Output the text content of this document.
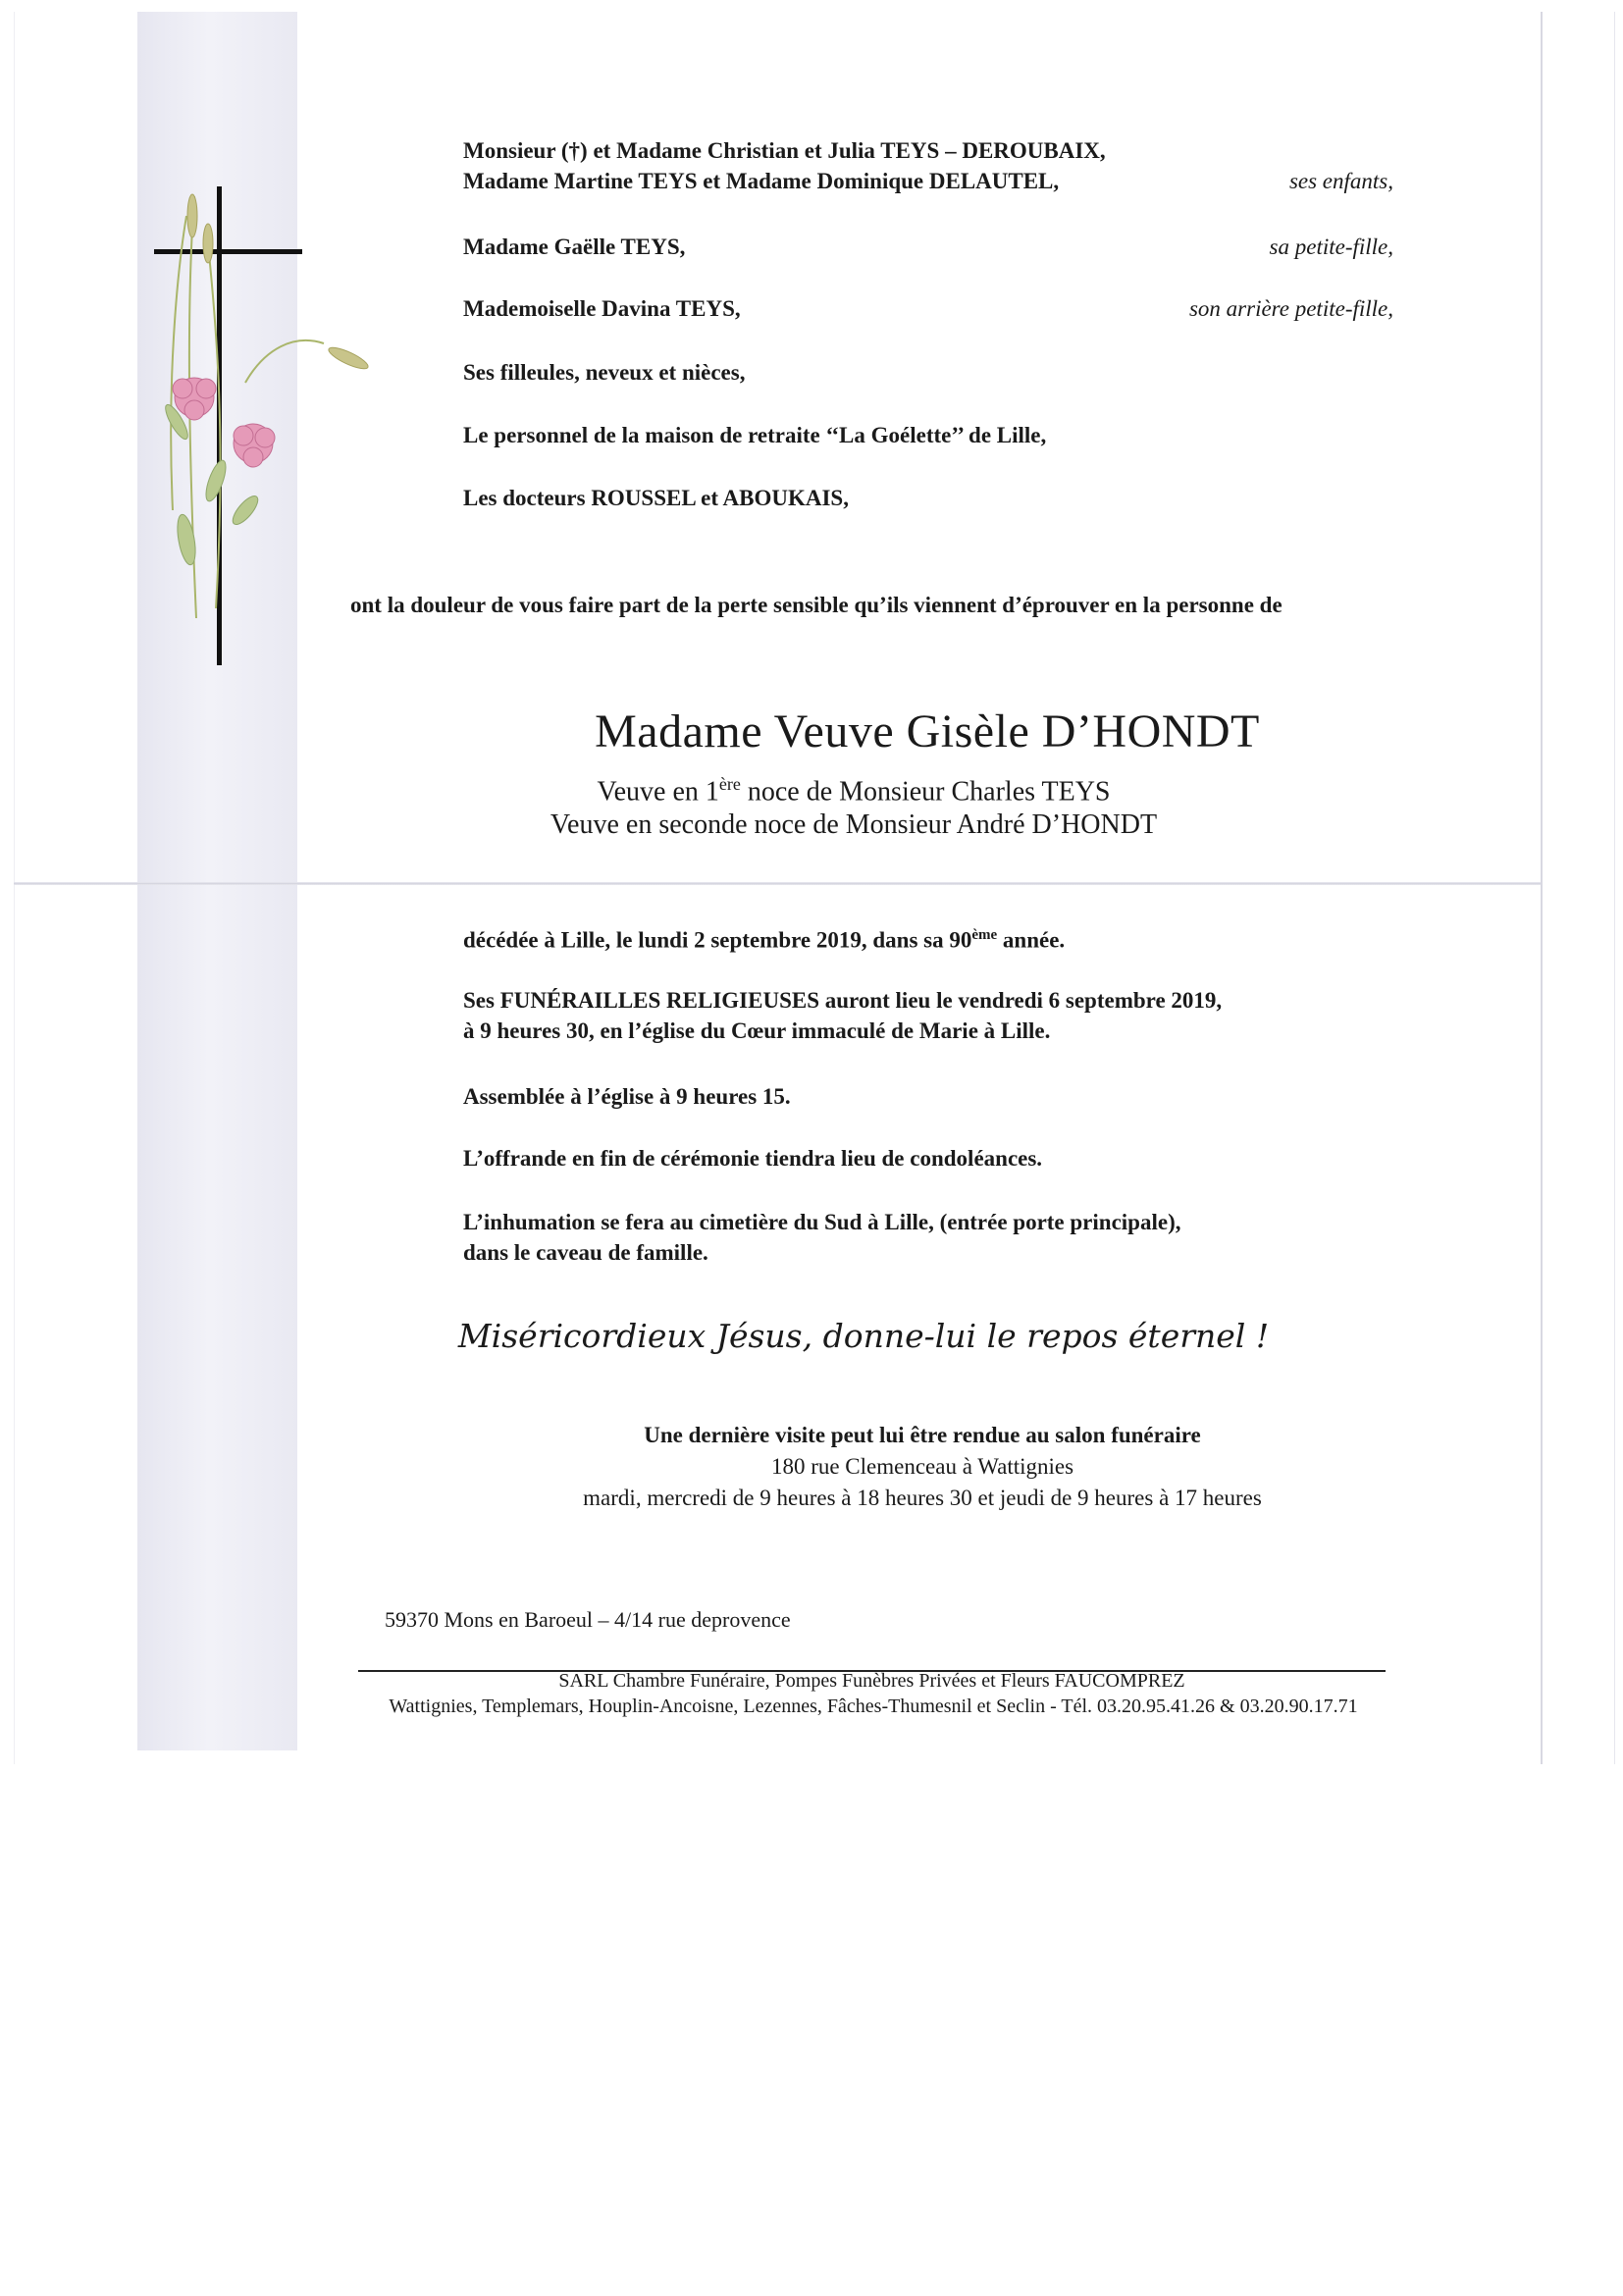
Monsieur (†) et Madame Christian et Julia TEYS – DEROUBAIX,
Madame Martine TEYS et Madame Dominique DELAUTEL,	ses enfants,
Madame Gaëlle TEYS,	sa petite-fille,
Mademoiselle Davina TEYS,	son arrière petite-fille,
Ses filleules, neveux et nièces,
Le personnel de la maison de retraite ‘‘La Goélette’’ de Lille,
Les docteurs ROUSSEL et ABOUKAIS,
ont la douleur de vous faire part de la perte sensible qu’ils viennent d’éprouver en la personne de
Madame Veuve Gisèle D’HONDT
Veuve en 1ère noce de Monsieur Charles TEYS
Veuve en seconde noce de Monsieur André D’HONDT
décédée à Lille, le lundi 2 septembre 2019, dans sa 90ème année.
Ses FUNÉRAILLES RELIGIEUSES auront lieu le vendredi 6 septembre 2019,
à 9 heures 30, en l’église du Cœur immaculé de Marie à Lille.
Assemblée à l’église à 9 heures 15.
L’offrande en fin de cérémonie tiendra lieu de condoléances.
L’inhumation se fera au cimetière du Sud à Lille, (entrée porte principale),
dans le caveau de famille.
Miséricordieux Jésus, donne-lui le repos éternel !
Une dernière visite peut lui être rendue au salon funéraire
180 rue Clemenceau à Wattignies
mardi, mercredi de 9 heures à 18 heures 30 et jeudi de 9 heures à 17 heures
59370 Mons en Baroeul – 4/14 rue deprovence
SARL Chambre Funéraire, Pompes Funèbres Privées et Fleurs FAUCOMPREZ
Wattignies, Templemars, Houplin-Ancoisne, Lezennes, Fâches-Thumesnil et Seclin - Tél. 03.20.95.41.26 & 03.20.90.17.71
